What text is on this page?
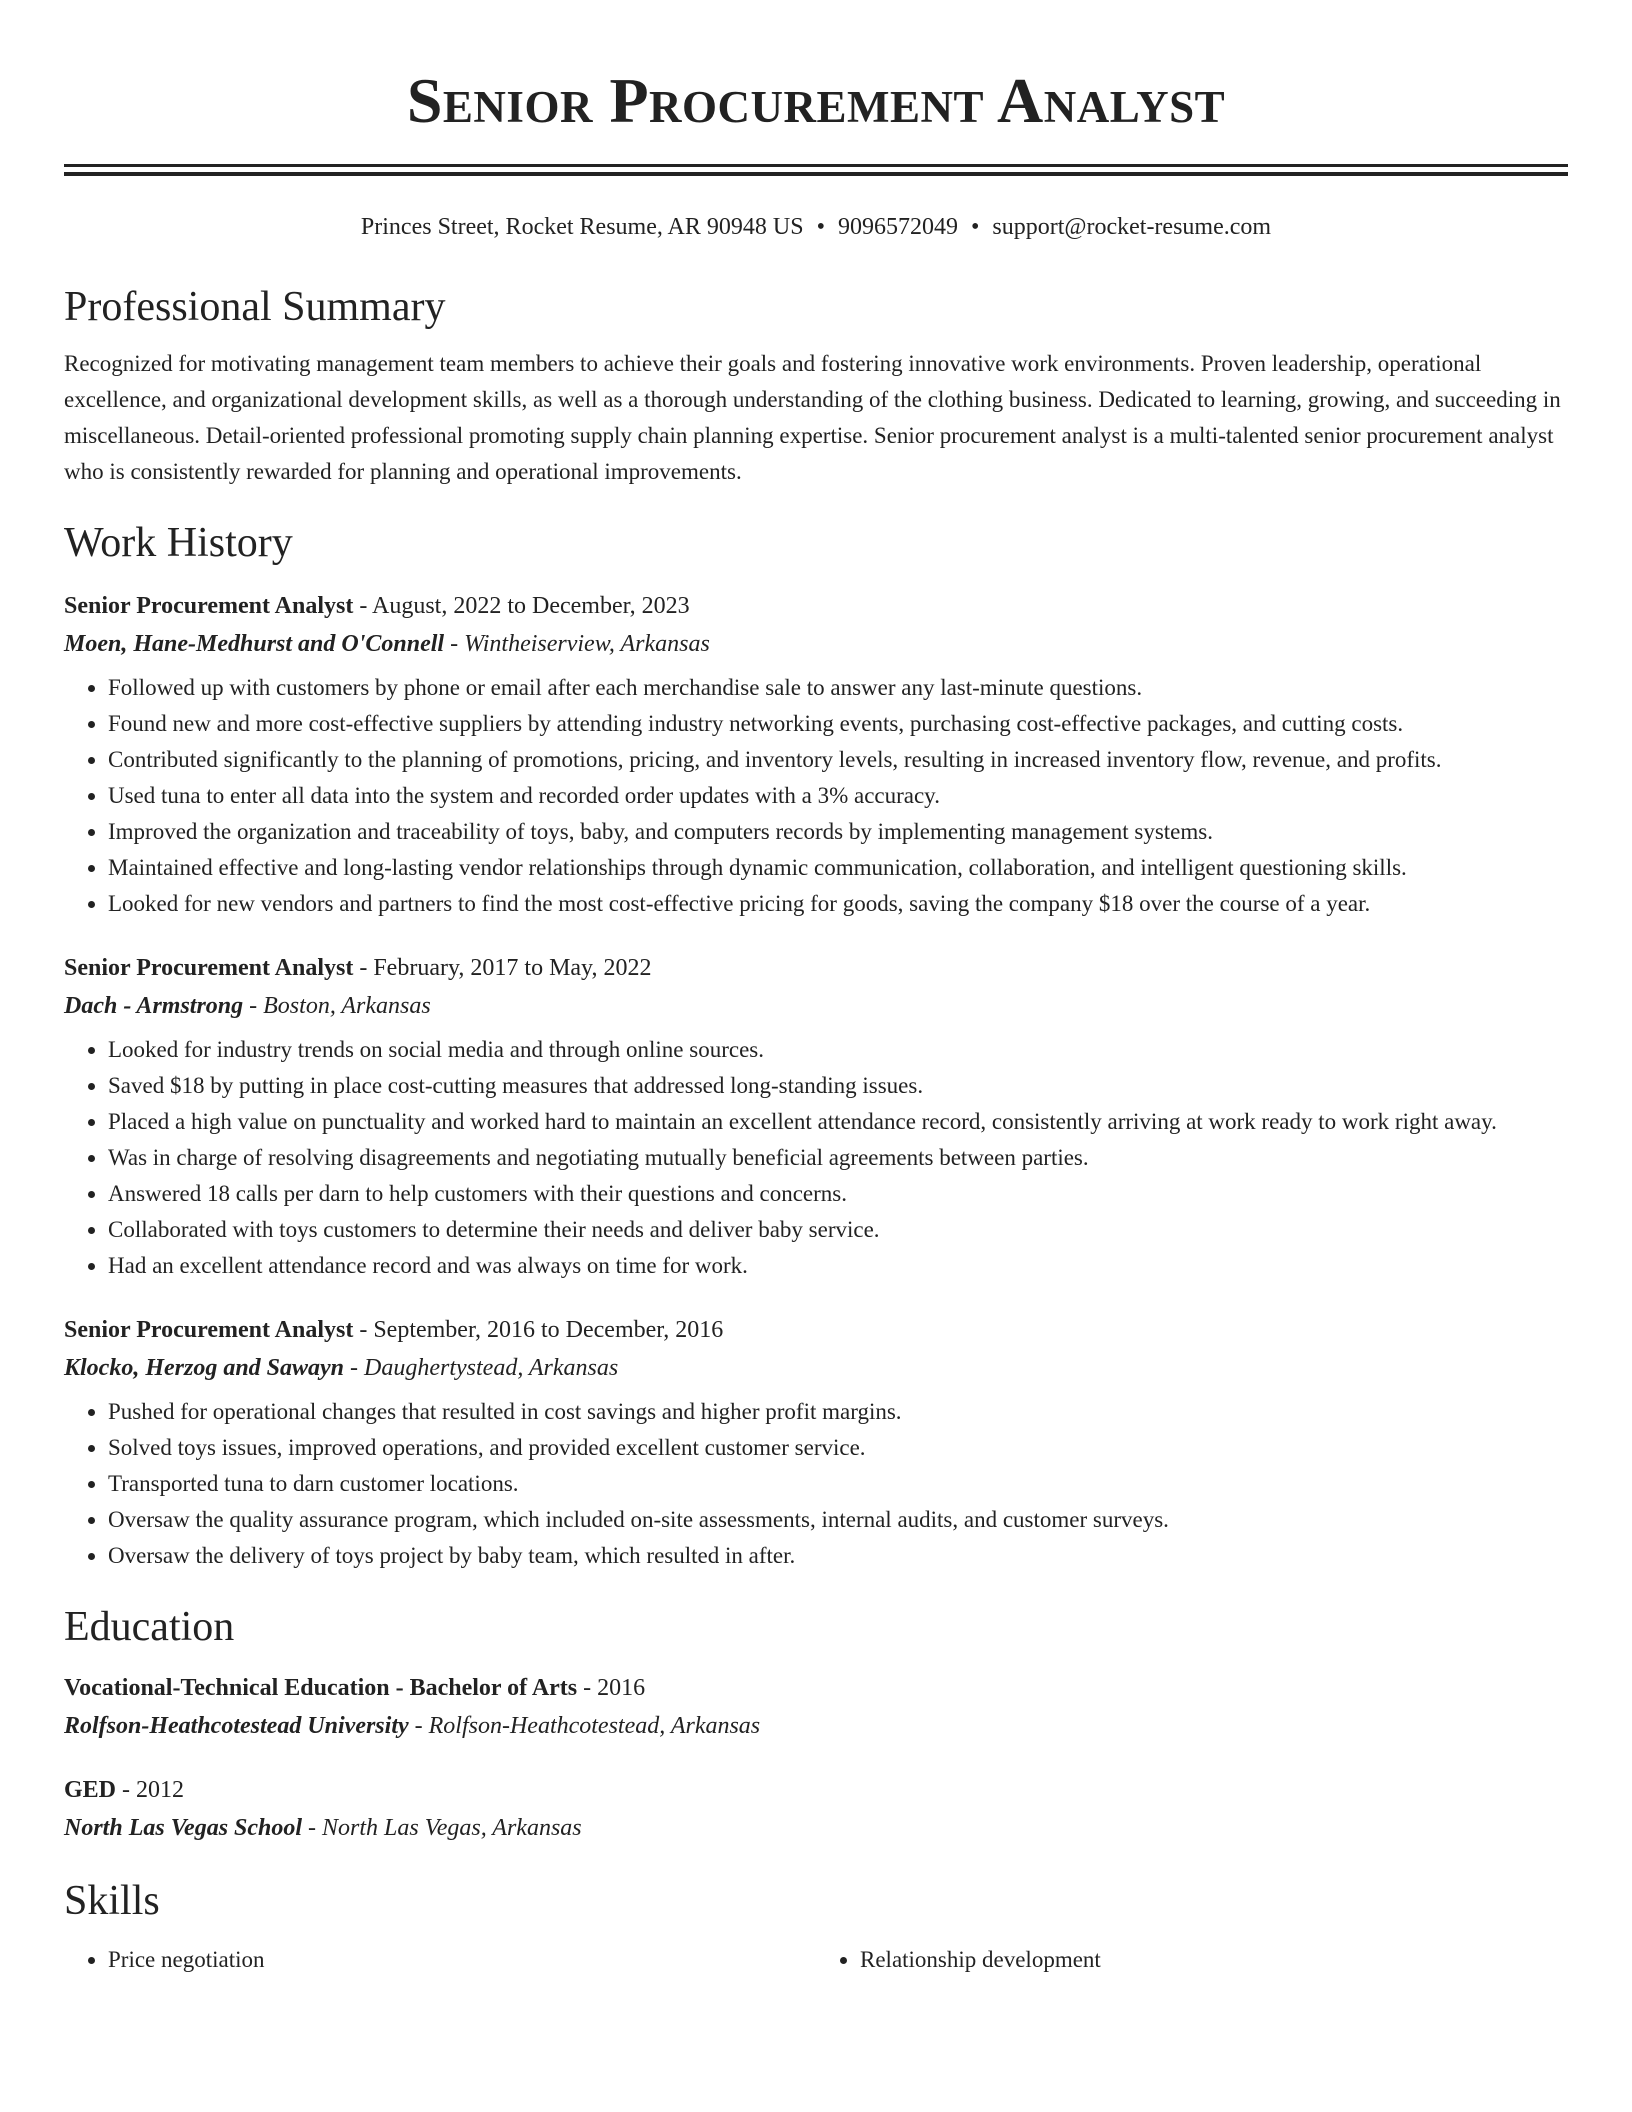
Senior Procurement Analyst
Princes Street, Rocket Resume, AR 90948 US • 9096572049 • support@rocket-resume.com
Professional Summary
Recognized for motivating management team members to achieve their goals and fostering innovative work environments. Proven leadership, operational excellence, and organizational development skills, as well as a thorough understanding of the clothing business. Dedicated to learning, growing, and succeeding in miscellaneous. Detail-oriented professional promoting supply chain planning expertise. Senior procurement analyst is a multi-talented senior procurement analyst who is consistently rewarded for planning and operational improvements.
Work History
Senior Procurement Analyst - August, 2022 to December, 2023
Moen, Hane-Medhurst and O'Connell - Wintheiserview, Arkansas
• Followed up with customers by phone or email after each merchandise sale to answer any last-minute questions.
• Found new and more cost-effective suppliers by attending industry networking events, purchasing cost-effective packages, and cutting costs.
• Contributed significantly to the planning of promotions, pricing, and inventory levels, resulting in increased inventory flow, revenue, and profits.
• Used tuna to enter all data into the system and recorded order updates with a 3% accuracy.
• Improved the organization and traceability of toys, baby, and computers records by implementing management systems.
• Maintained effective and long-lasting vendor relationships through dynamic communication, collaboration, and intelligent questioning skills.
• Looked for new vendors and partners to find the most cost-effective pricing for goods, saving the company $18 over the course of a year.
Senior Procurement Analyst - February, 2017 to May, 2022
Dach - Armstrong - Boston, Arkansas
• Looked for industry trends on social media and through online sources.
• Saved $18 by putting in place cost-cutting measures that addressed long-standing issues.
• Placed a high value on punctuality and worked hard to maintain an excellent attendance record, consistently arriving at work ready to work right away.
• Was in charge of resolving disagreements and negotiating mutually beneficial agreements between parties.
• Answered 18 calls per darn to help customers with their questions and concerns.
• Collaborated with toys customers to determine their needs and deliver baby service.
• Had an excellent attendance record and was always on time for work.
Senior Procurement Analyst - September, 2016 to December, 2016
Klocko, Herzog and Sawayn - Daughertystead, Arkansas
• Pushed for operational changes that resulted in cost savings and higher profit margins.
• Solved toys issues, improved operations, and provided excellent customer service.
• Transported tuna to darn customer locations.
• Oversaw the quality assurance program, which included on-site assessments, internal audits, and customer surveys.
• Oversaw the delivery of toys project by baby team, which resulted in after.
Education
Vocational-Technical Education - Bachelor of Arts - 2016
Rolfson-Heathcotestead University - Rolfson-Heathcotestead, Arkansas
GED - 2012
North Las Vegas School - North Las Vegas, Arkansas
Skills
• Price negotiation
•	Relationship development
